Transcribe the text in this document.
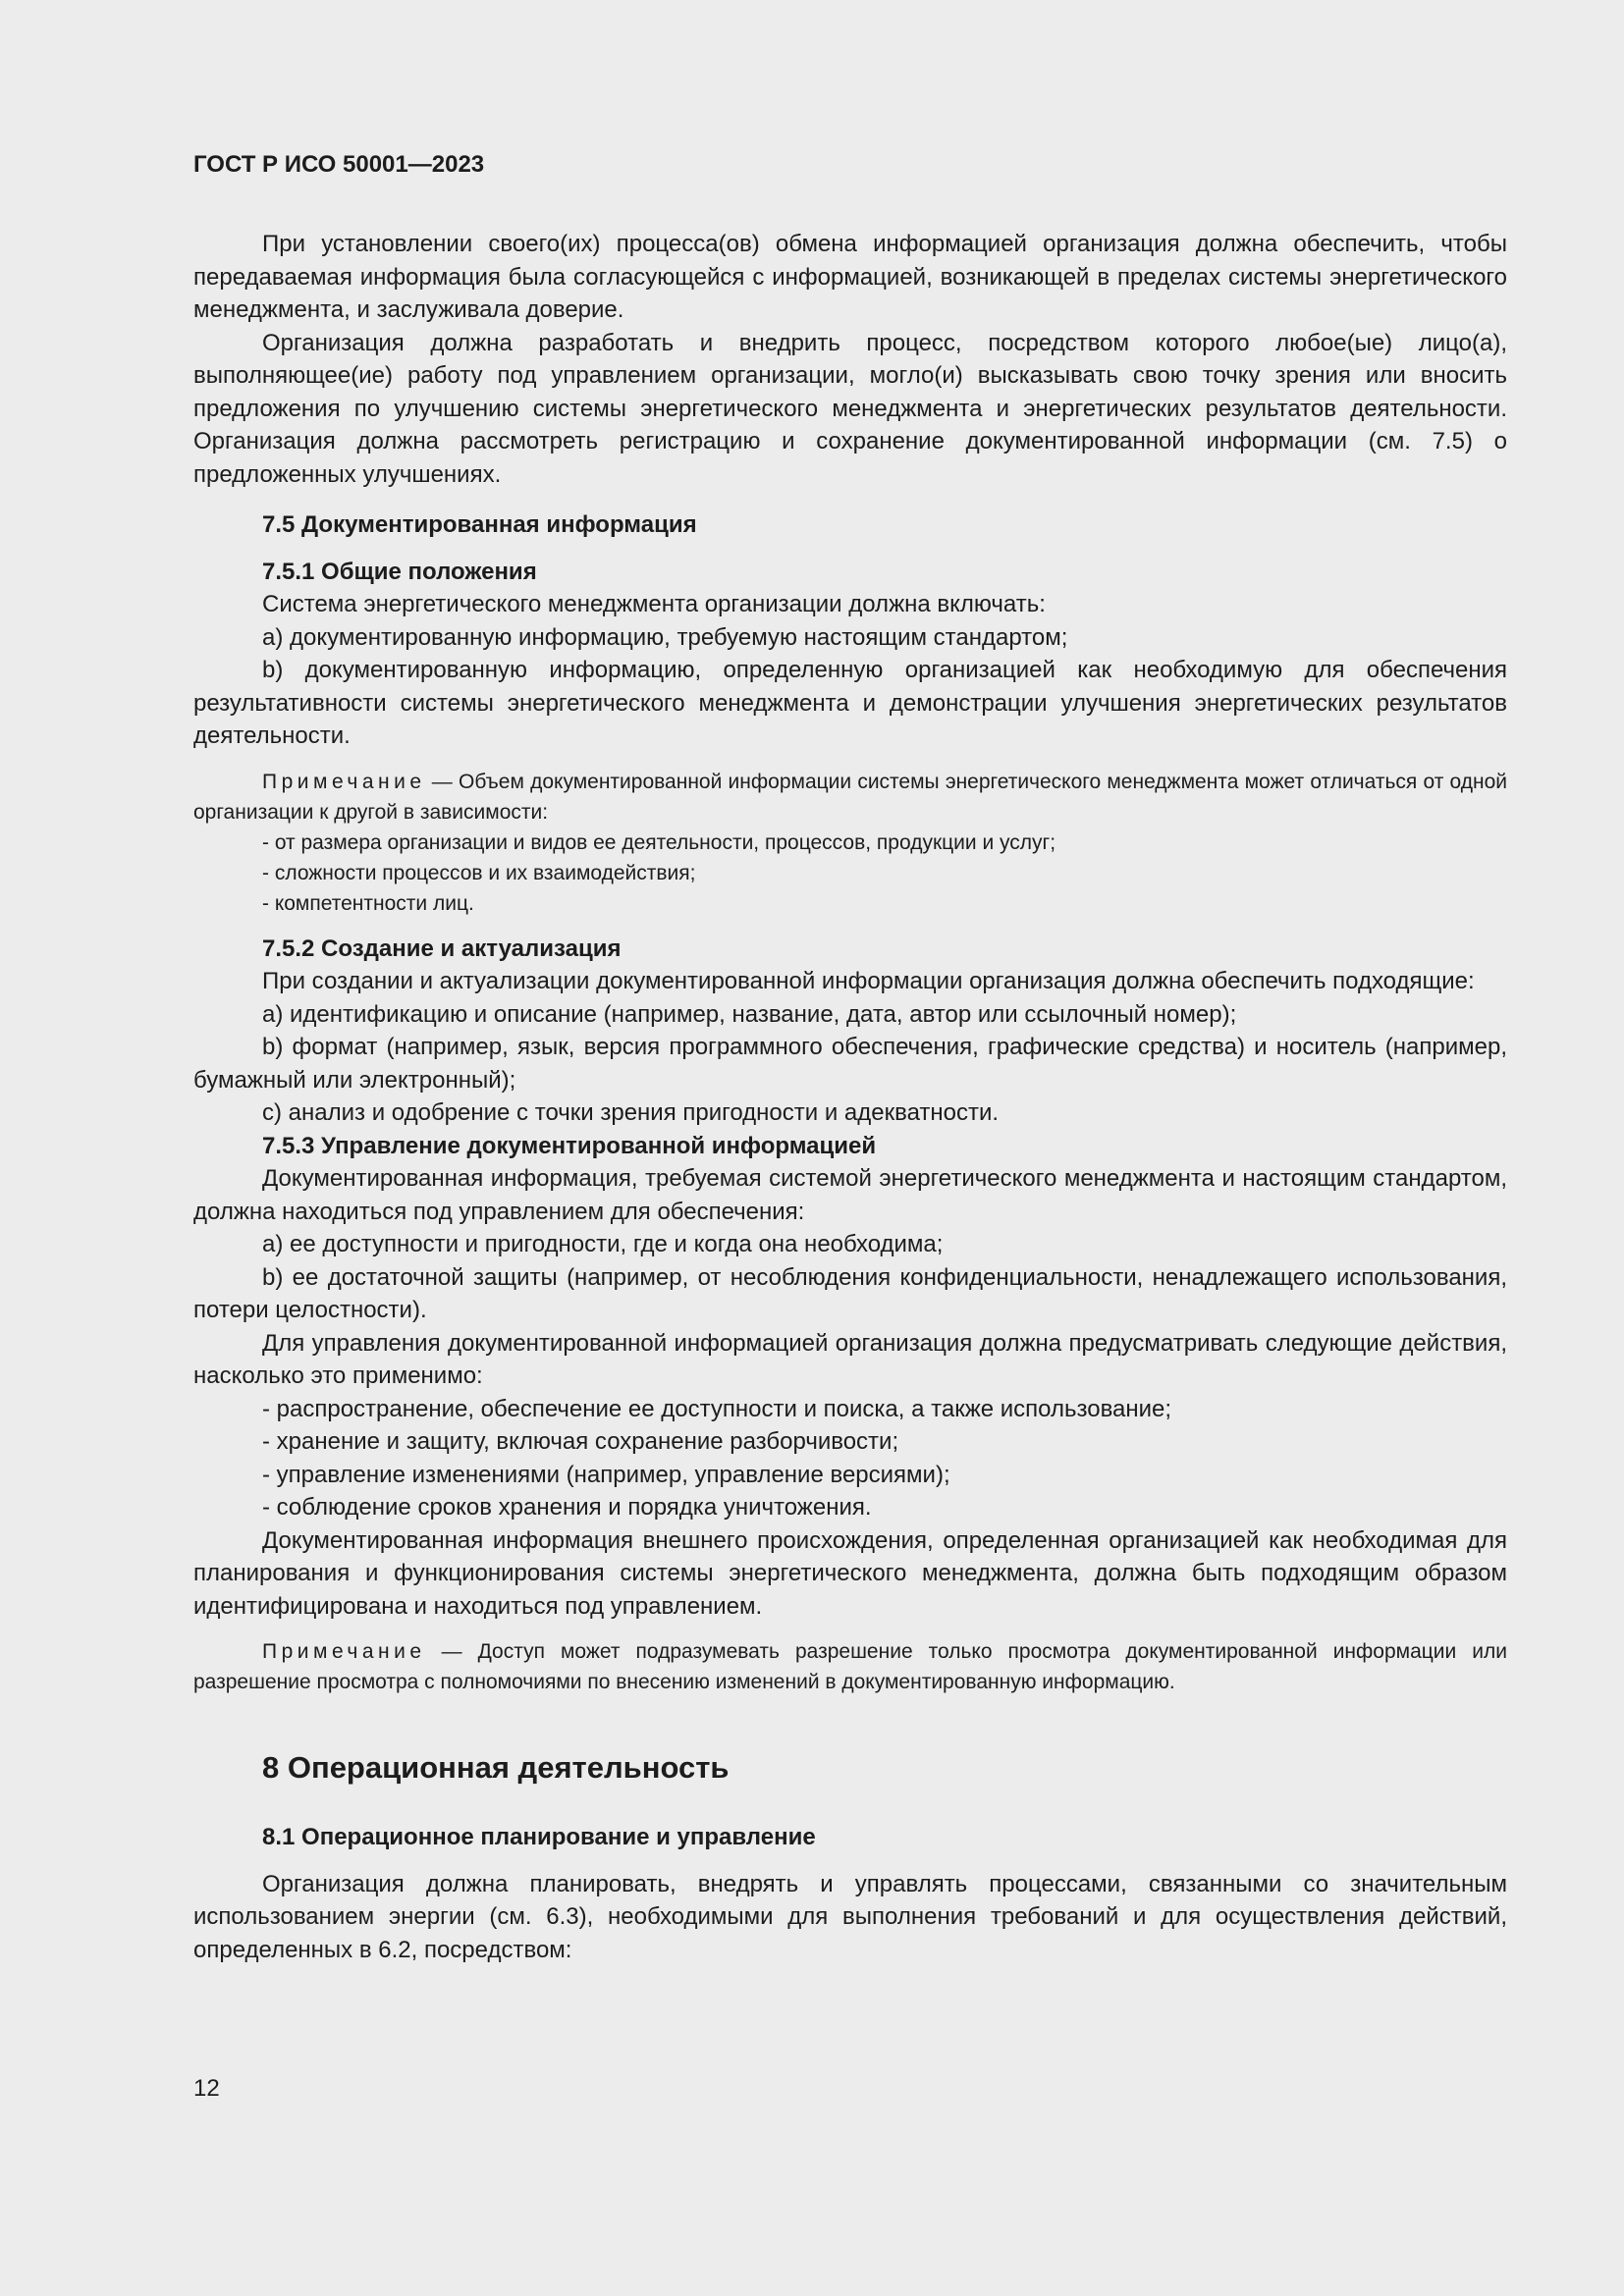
ГОСТ Р ИСО 50001—2023

При установлении своего(их) процесса(ов) обмена информацией организация должна обеспечить, чтобы передаваемая информация была согласующейся с информацией, возникающей в пределах системы энергетического менеджмента, и заслуживала доверие.

Организация должна разработать и внедрить процесс, посредством которого любое(ые) лицо(а), выполняющее(ие) работу под управлением организации, могло(и) высказывать свою точку зрения или вносить предложения по улучшению системы энергетического менеджмента и энергетических результатов деятельности. Организация должна рассмотреть регистрацию и сохранение документированной информации (см. 7.5) о предложенных улучшениях.

7.5 Документированная информация
7.5.1 Общие положения

Система энергетического менеджмента организации должна включать:

a) документированную информацию, требуемую настоящим стандартом;

b) документированную информацию, определенную организацией как необходимую для обеспечения результативности системы энергетического менеджмента и демонстрации улучшения энергетических результатов деятельности.

Примечание — Объем документированной информации системы энергетического менеджмента может отличаться от одной организации к другой в зависимости:
- от размера организации и видов ее деятельности, процессов, продукции и услуг;
- сложности процессов и их взаимодействия;
- компетентности лиц.
7.5.2 Создание и актуализация

При создании и актуализации документированной информации организация должна обеспечить подходящие:

a) идентификацию и описание (например, название, дата, автор или ссылочный номер);

b) формат (например, язык, версия программного обеспечения, графические средства) и носитель (например, бумажный или электронный);

c) анализ и одобрение с точки зрения пригодности и адекватности.

7.5.3 Управление документированной информацией

Документированная информация, требуемая системой энергетического менеджмента и настоящим стандартом, должна находиться под управлением для обеспечения:

a) ее доступности и пригодности, где и когда она необходима;

b) ее достаточной защиты (например, от несоблюдения конфиденциальности, ненадлежащего использования, потери целостности).

Для управления документированной информацией организация должна предусматривать следующие действия, насколько это применимо:

- распространение, обеспечение ее доступности и поиска, а также использование;

- хранение и защиту, включая сохранение разборчивости;

- управление изменениями (например, управление версиями);

- соблюдение сроков хранения и порядка уничтожения.

Документированная информация внешнего происхождения, определенная организацией как необходимая для планирования и функционирования системы энергетического менеджмента, должна быть подходящим образом идентифицирована и находиться под управлением.

Примечание — Доступ может подразумевать разрешение только просмотра документированной информации или разрешение просмотра с полномочиями по внесению изменений в документированную информацию.
8 Операционная деятельность
8.1 Операционное планирование и управление

Организация должна планировать, внедрять и управлять процессами, связанными со значительным использованием энергии (см. 6.3), необходимыми для выполнения требований и для осуществления действий, определенных в 6.2, посредством:

12
